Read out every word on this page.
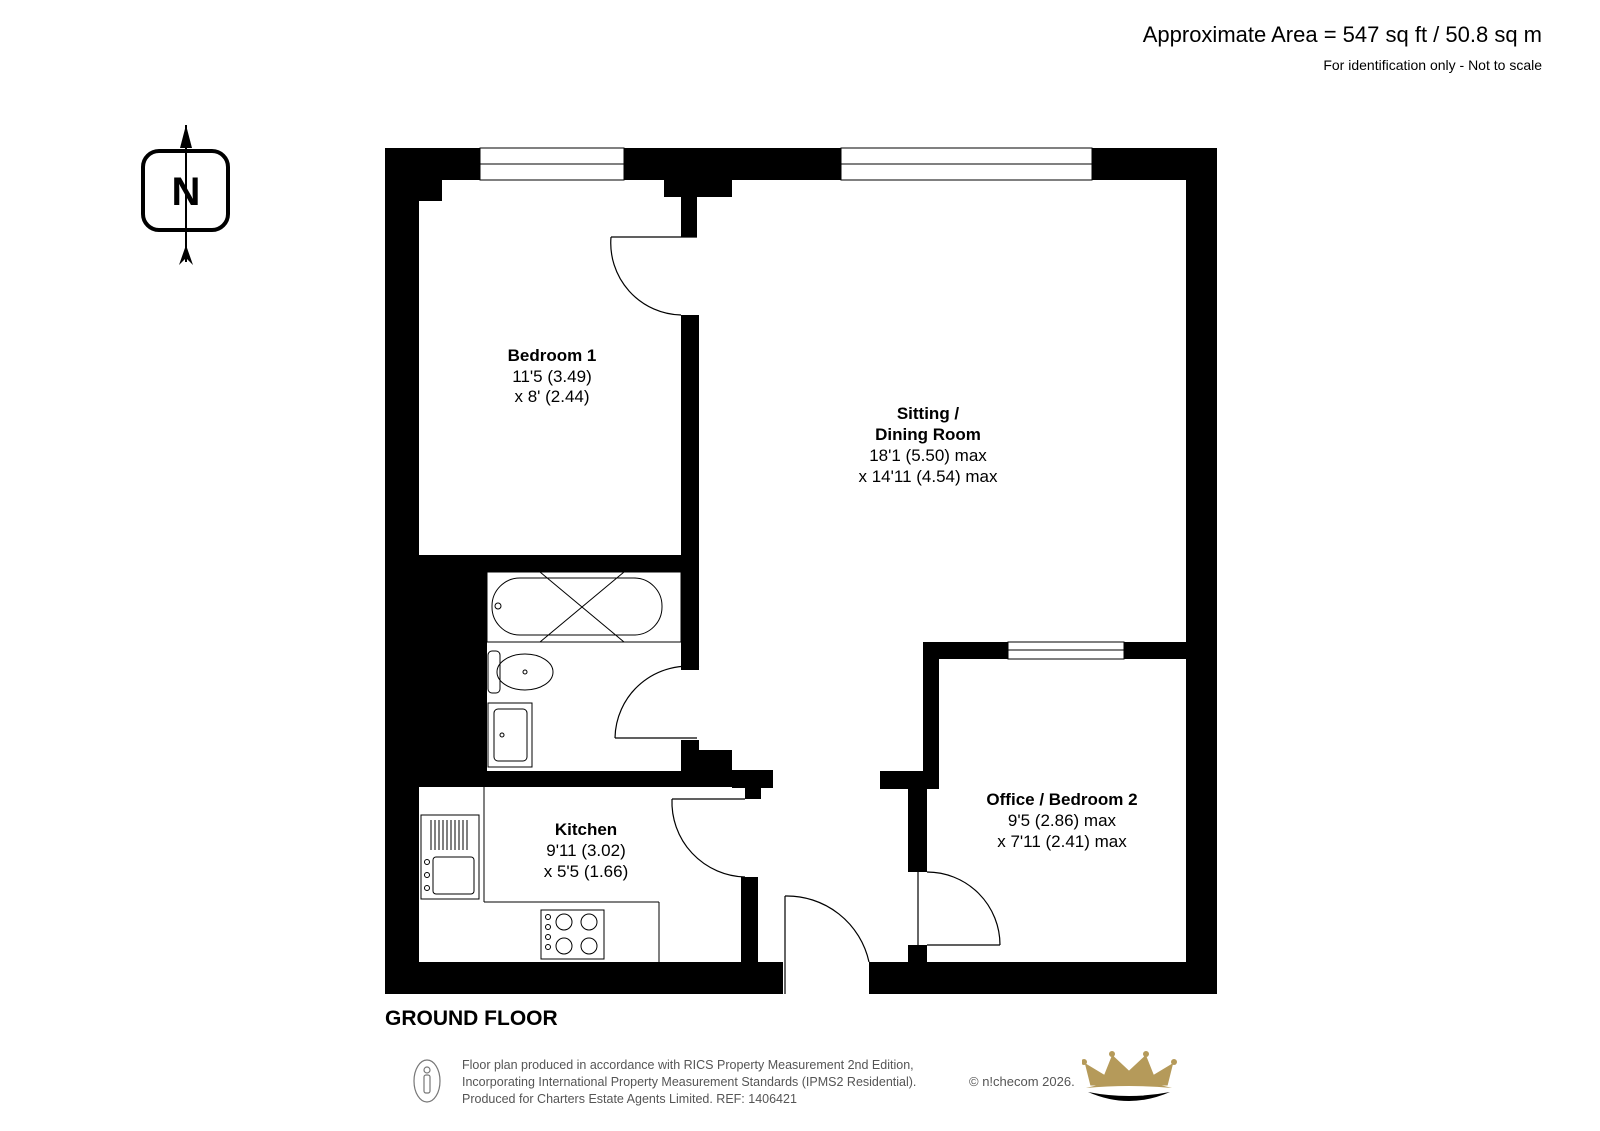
Approximate Area = 547 sq ft / 50.8 sq m
For identification only - Not to scale
N
Bedroom 1
11'5 (3.49)
x 8' (2.44)
Sitting /
Dining Room
18'1 (5.50) max
x 14'11 (4.54) max
Kitchen
9'11 (3.02)
x 5'5 (1.66)
Office / Bedroom 2
9'5 (2.86) max
x 7'11 (2.41) max
GROUND FLOOR
Floor plan produced in accordance with RICS Property Measurement 2nd Edition,
Incorporating International Property Measurement Standards (IPMS2 Residential).
Produced for Charters Estate Agents Limited. REF: 1406421
© n!checom 2026.
